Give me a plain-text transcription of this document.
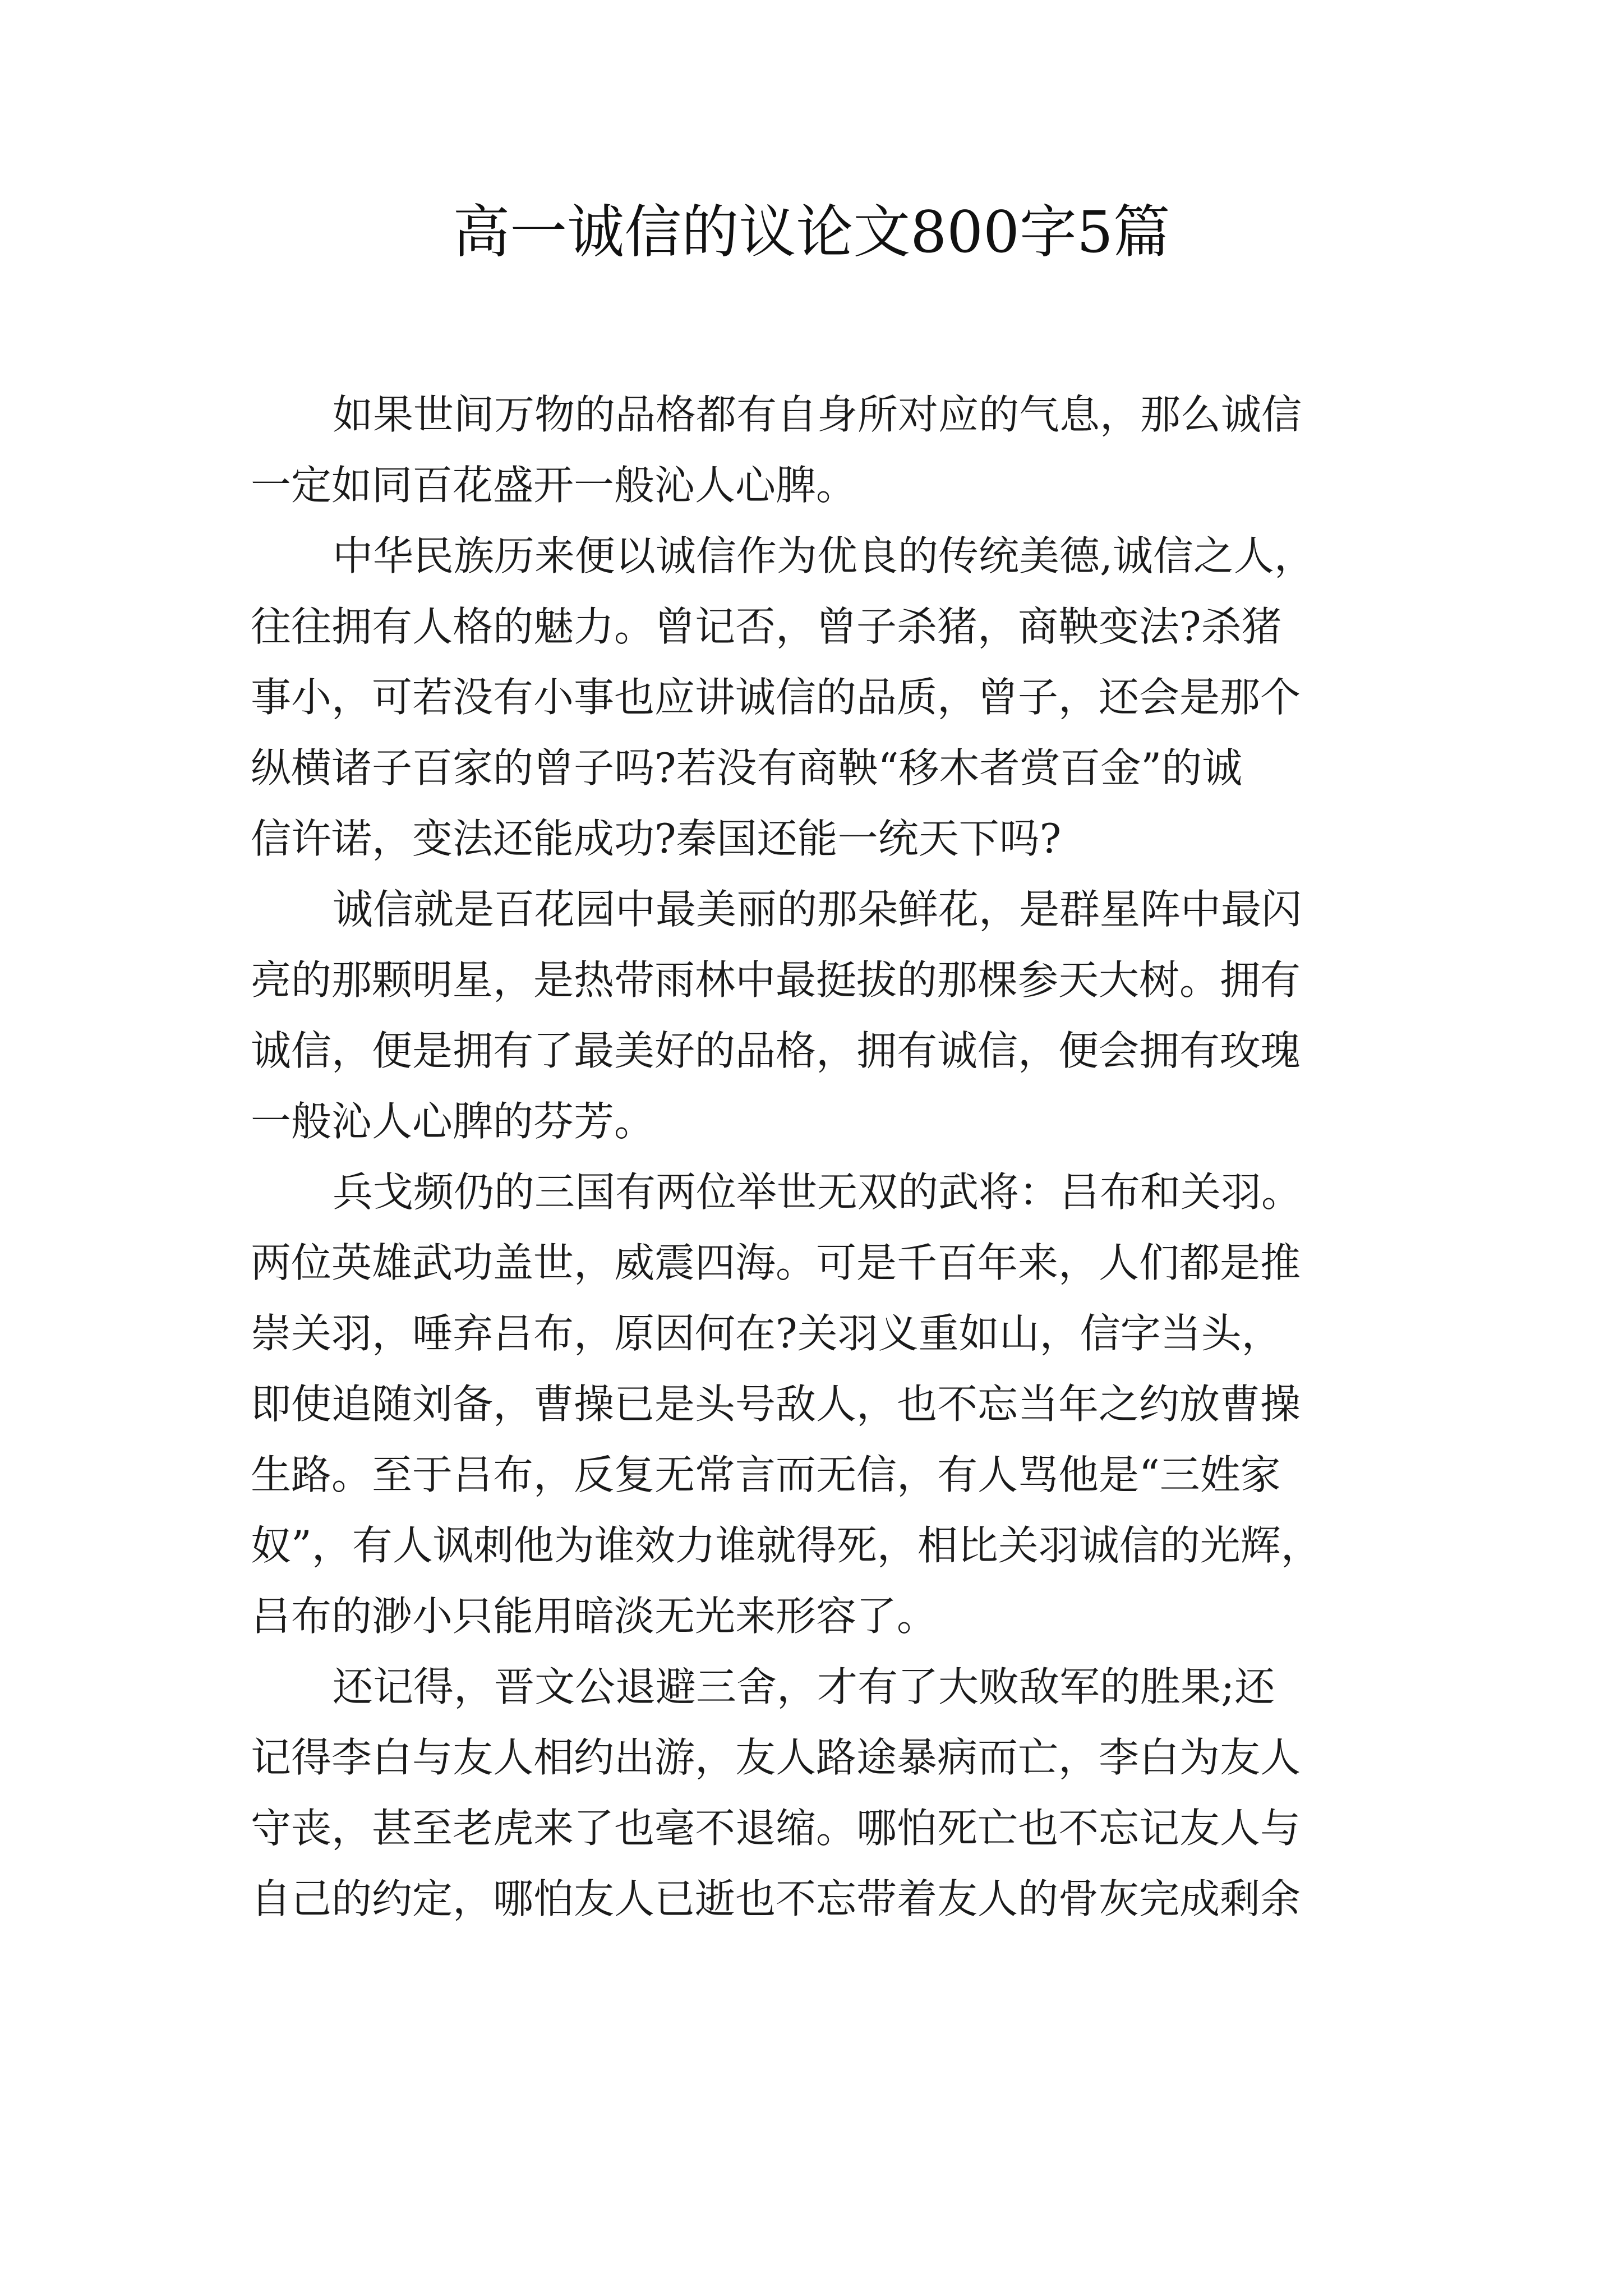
高一诚信的议论文800字5篇
如果世间万物的品格都有自身所对应的气息，那么诚信
一定如同百花盛开一般沁人心脾。
中华民族历来便以诚信作为优良的传统美德,诚信之人，
往往拥有人格的魅力。曾记否，曾子杀猪，商鞅变法?杀猪
事小，可若没有小事也应讲诚信的品质，曾子，还会是那个
纵横诸子百家的曾子吗?若没有商鞅“移木者赏百金”的诚
信许诺，变法还能成功?秦国还能一统天下吗?
诚信就是百花园中最美丽的那朵鲜花，是群星阵中最闪
亮的那颗明星，是热带雨林中最挺拔的那棵参天大树。拥有
诚信，便是拥有了最美好的品格，拥有诚信，便会拥有玫瑰
一般沁人心脾的芬芳。
兵戈频仍的三国有两位举世无双的武将：吕布和关羽。
两位英雄武功盖世，威震四海。可是千百年来，人们都是推
崇关羽，唾弃吕布，原因何在?关羽义重如山，信字当头，
即使追随刘备，曹操已是头号敌人，也不忘当年之约放曹操
生路。至于吕布，反复无常言而无信，有人骂他是“三姓家
奴”，有人讽刺他为谁效力谁就得死，相比关羽诚信的光辉，
吕布的渺小只能用暗淡无光来形容了。
还记得，晋文公退避三舍，才有了大败敌军的胜果;还
记得李白与友人相约出游，友人路途暴病而亡，李白为友人
守丧，甚至老虎来了也毫不退缩。哪怕死亡也不忘记友人与
自己的约定，哪怕友人已逝也不忘带着友人的骨灰完成剩余
